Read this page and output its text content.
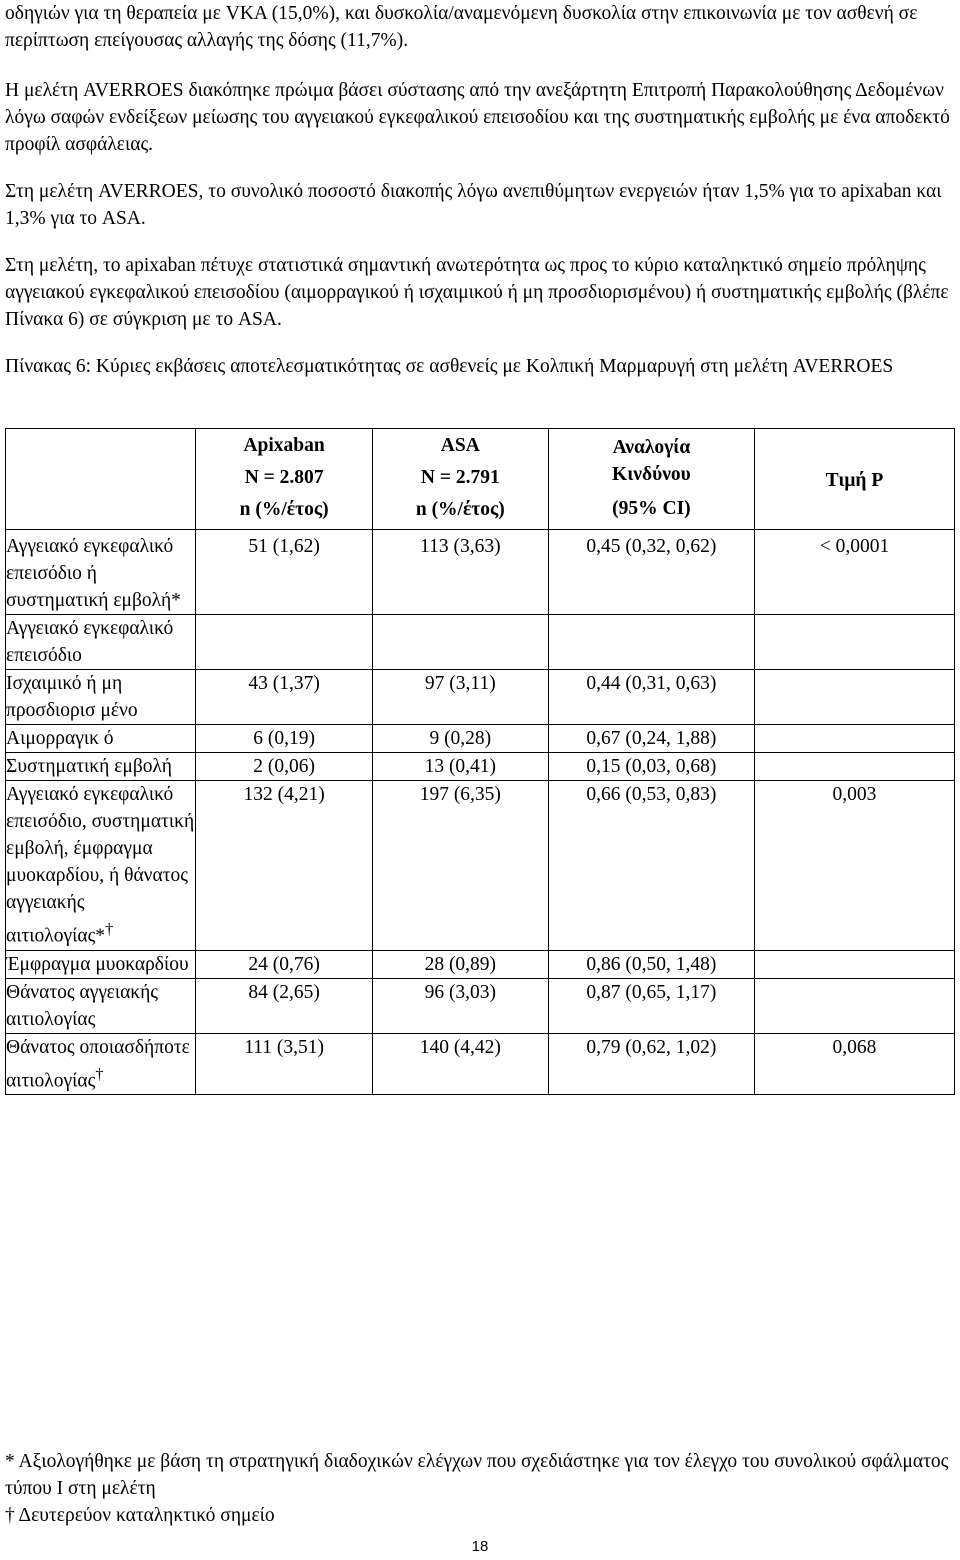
οδηγιών για τη θεραπεία με VKA (15,0%), και δυσκολία/αναμενόμενη δυσκολία στην επικοινωνία με τον ασθενή σε περίπτωση επείγουσας αλλαγής της δόσης (11,7%).

Η μελέτη AVERROES διακόπηκε πρώιμα βάσει σύστασης από την ανεξάρτητη Επιτροπή Παρακολούθησης Δεδομένων λόγω σαφών ενδείξεων μείωσης του αγγειακού εγκεφαλικού επεισοδίου και της συστηματικής εμβολής με ένα αποδεκτό προφίλ ασφάλειας.

Στη μελέτη AVERROES, το συνολικό ποσοστό διακοπής λόγω ανεπιθύμητων ενεργειών ήταν 1,5% για το apixaban και 1,3% για το ASA.

Στη μελέτη, το apixaban πέτυχε στατιστικά σημαντική ανωτερότητα ως προς το κύριο καταληκτικό σημείο πρόληψης αγγειακού εγκεφαλικού επεισοδίου (αιμορραγικού ή ισχαιμικού ή μη προσδιορισμένου) ή συστηματικής εμβολής (βλέπε Πίνακα 6) σε σύγκριση με το ASA.

Πίνακας 6: Κύριες εκβάσεις αποτελεσματικότητας σε ασθενείς με Κολπική Μαρμαρυγή στη μελέτη AVERROES

	Apixaban
N = 2.807
n (%/έτος)	ASA
N = 2.791
n (%/έτος)	Αναλογία
Κινδύνου
(95% CI)	Τιμή P

Αγγειακό εγκεφαλικό επεισόδιο ή συστηματική εμβολή*	51 (1,62)	113 (3,63)	0,45 (0,32, 0,62)	< 0,0001
Αγγειακό εγκεφαλικό επεισόδιο				
Ισχαιμικό ή μη προσδιορισ μένο	43 (1,37)	97 (3,11)	0,44 (0,31, 0,63)	
Αιμορραγικ ό	6 (0,19)	9 (0,28)	0,67 (0,24, 1,88)	
Συστηματική εμβολή	2 (0,06)	13 (0,41)	0,15 (0,03, 0,68)	
Αγγειακό εγκεφαλικό επεισόδιο, συστηματική εμβολή, έμφραγμα μυοκαρδίου, ή θάνατος αγγειακής αιτιολογίας*†	132 (4,21)	197 (6,35)	0,66 (0,53, 0,83)	0,003
Έμφραγμα μυοκαρδίου	24 (0,76)	28 (0,89)	0,86 (0,50, 1,48)	
Θάνατος αγγειακής αιτιολογίας	84 (2,65)	96 (3,03)	0,87 (0,65, 1,17)	
Θάνατος οποιασδήποτε αιτιολογίας†	111 (3,51)	140 (4,42)	0,79 (0,62, 1,02)	0,068
* Αξιολογήθηκε με βάση τη στρατηγική διαδοχικών ελέγχων που σχεδιάστηκε για τον έλεγχο του συνολικού σφάλματος τύπου Ι στη μελέτη
† Δευτερεύον καταληκτικό σημείο
18
